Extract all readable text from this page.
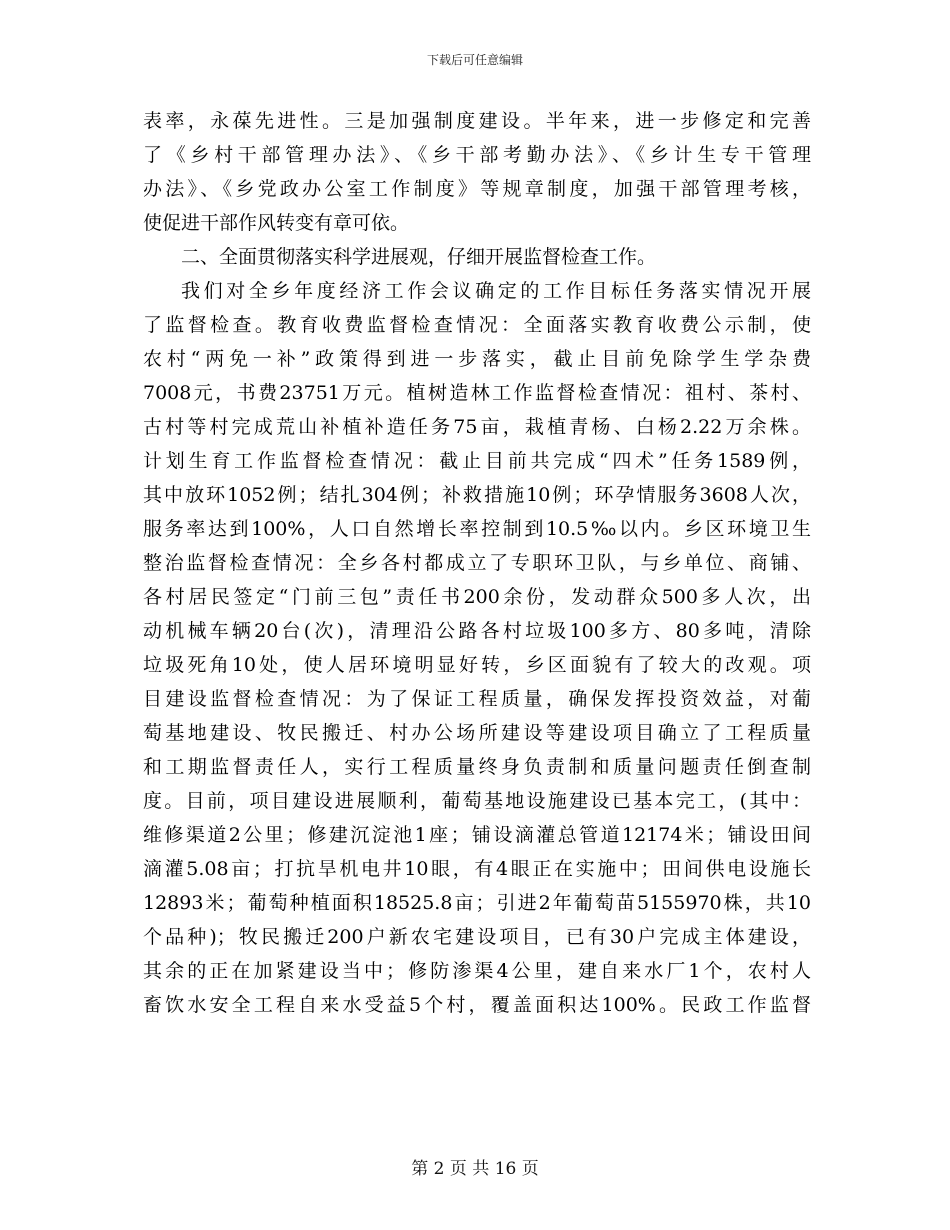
下载后可任意编辑
表率，永葆先进性。三是加强制度建设。半年来，进一步修定和完善
了《乡村干部管理办法》、《乡干部考勤办法》、《乡计生专干管理
办法》、《乡党政办公室工作制度》等规章制度，加强干部管理考核，
使促进干部作风转变有章可依。
二、全面贯彻落实科学进展观，仔细开展监督检查工作。
我们对全乡年度经济工作会议确定的工作目标任务落实情况开展
了监督检查。教育收费监督检查情况：全面落实教育收费公示制，使
农村“两免一补”政策得到进一步落实，截止目前免除学生学杂费
7008元，书费23751万元。植树造林工作监督检查情况：祖村、茶村、
古村等村完成荒山补植补造任务75亩，栽植青杨、白杨2.22万余株。
计划生育工作监督检查情况：截止目前共完成“四术”任务1589例，
其中放环1052例；结扎304例；补救措施10例；环孕情服务3608人次，
服务率达到100%，人口自然增长率控制到10.5‰以内。乡区环境卫生
整治监督检查情况：全乡各村都成立了专职环卫队，与乡单位、商铺、
各村居民签定“门前三包”责任书200余份，发动群众500多人次，出
动机械车辆20台(次)，清理沿公路各村垃圾100多方、80多吨，清除
垃圾死角10处，使人居环境明显好转，乡区面貌有了较大的改观。项
目建设监督检查情况：为了保证工程质量，确保发挥投资效益，对葡
萄基地建设、牧民搬迁、村办公场所建设等建设项目确立了工程质量
和工期监督责任人，实行工程质量终身负责制和质量问题责任倒查制
度。目前，项目建设进展顺利，葡萄基地设施建设已基本完工，(其中：
维修渠道2公里；修建沉淀池1座；铺设滴灌总管道12174米；铺设田间
滴灌5.08亩；打抗旱机电井10眼，有4眼正在实施中；田间供电设施长
12893米；葡萄种植面积18525.8亩；引进2年葡萄苗5155970株，共10
个品种)；牧民搬迁200户新农宅建设项目，已有30户完成主体建设，
其余的正在加紧建设当中；修防渗渠4公里，建自来水厂1个，农村人
畜饮水安全工程自来水受益5个村，覆盖面积达100%。民政工作监督
第 2 页 共 16 页
